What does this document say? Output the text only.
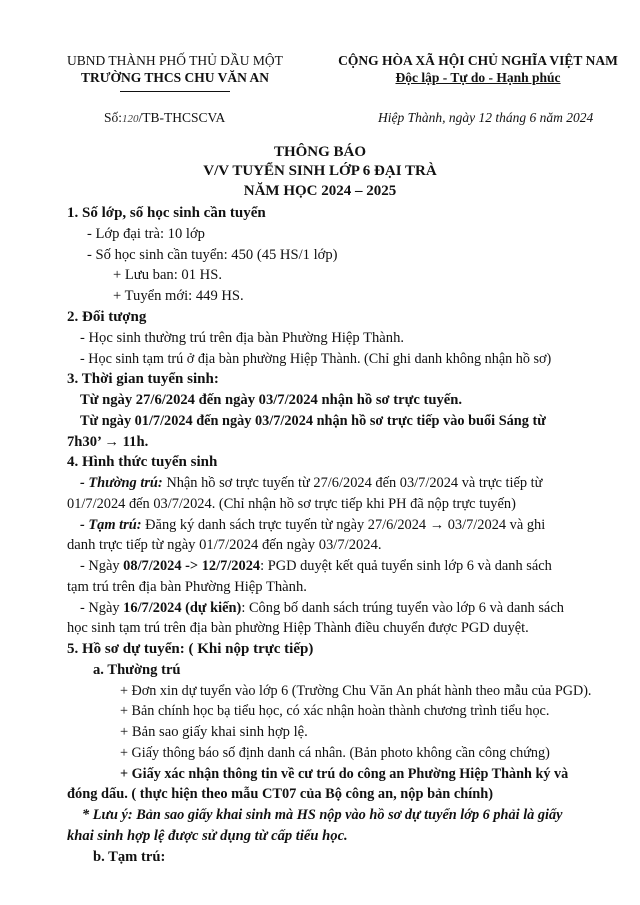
UBND THÀNH PHỐ THỦ DẦU MỘT
TRƯỜNG THCS CHU VĂN AN
CỘNG HÒA XÃ HỘI CHỦ NGHĨA VIỆT NAM
Độc lập - Tự do - Hạnh phúc
Số:120/TB-THCSCVA	Hiệp Thành, ngày 12 tháng 6 năm 2024
THÔNG BÁO
V/V TUYỂN SINH LỚP 6 ĐẠI TRÀ
NĂM HỌC 2024 – 2025
1. Số lớp, số học sinh cần tuyển
- Lớp đại trà: 10 lớp
- Số học sinh cần tuyển: 450 (45 HS/1 lớp)
+ Lưu ban: 01 HS.
+ Tuyển mới: 449 HS.
2. Đối tượng
- Học sinh thường trú trên địa bàn Phường Hiệp Thành.
- Học sinh tạm trú ở địa bàn phường Hiệp Thành. (Chỉ ghi danh không nhận hồ sơ)
3. Thời gian tuyển sinh:
Từ ngày 27/6/2024 đến ngày 03/7/2024 nhận hồ sơ trực tuyến.
Từ ngày 01/7/2024 đến ngày 03/7/2024 nhận hồ sơ trực tiếp vào buổi Sáng từ
7h30’ → 11h.
4. Hình thức tuyển sinh
- Thường trú: Nhận hồ sơ trực tuyến từ 27/6/2024 đến 03/7/2024 và trực tiếp từ
01/7/2024 đến 03/7/2024. (Chỉ nhận hồ sơ trực tiếp khi PH đã nộp trực tuyến)
- Tạm trú: Đăng ký danh sách trực tuyến từ ngày 27/6/2024 → 03/7/2024 và ghi
danh trực tiếp từ ngày 01/7/2024 đến ngày 03/7/2024.
- Ngày 08/7/2024 -> 12/7/2024: PGD duyệt kết quả tuyển sinh lớp 6 và danh sách
tạm trú trên địa bàn Phường Hiệp Thành.
- Ngày 16/7/2024 (dự kiến): Công bố danh sách trúng tuyển vào lớp 6 và danh sách
học sinh tạm trú trên địa bàn phường Hiệp Thành điều chuyển được PGD duyệt.
5. Hồ sơ dự tuyển: ( Khi nộp trực tiếp)
a. Thường trú
+ Đơn xin dự tuyển vào lớp 6 (Trường Chu Văn An phát hành theo mẫu của PGD).
+ Bản chính học bạ tiểu học, có xác nhận hoàn thành chương trình tiểu học.
+ Bản sao giấy khai sinh hợp lệ.
+ Giấy thông báo số định danh cá nhân. (Bản photo không cần công chứng)
+ Giấy xác nhận thông tin về cư trú do công an Phường Hiệp Thành ký và
đóng dấu. ( thực hiện theo mẫu CT07 của Bộ công an, nộp bản chính)
* Lưu ý: Bản sao giấy khai sinh mà HS nộp vào hồ sơ dự tuyển lớp 6 phải là giấy
khai sinh hợp lệ được sử dụng từ cấp tiểu học.
b. Tạm trú:
